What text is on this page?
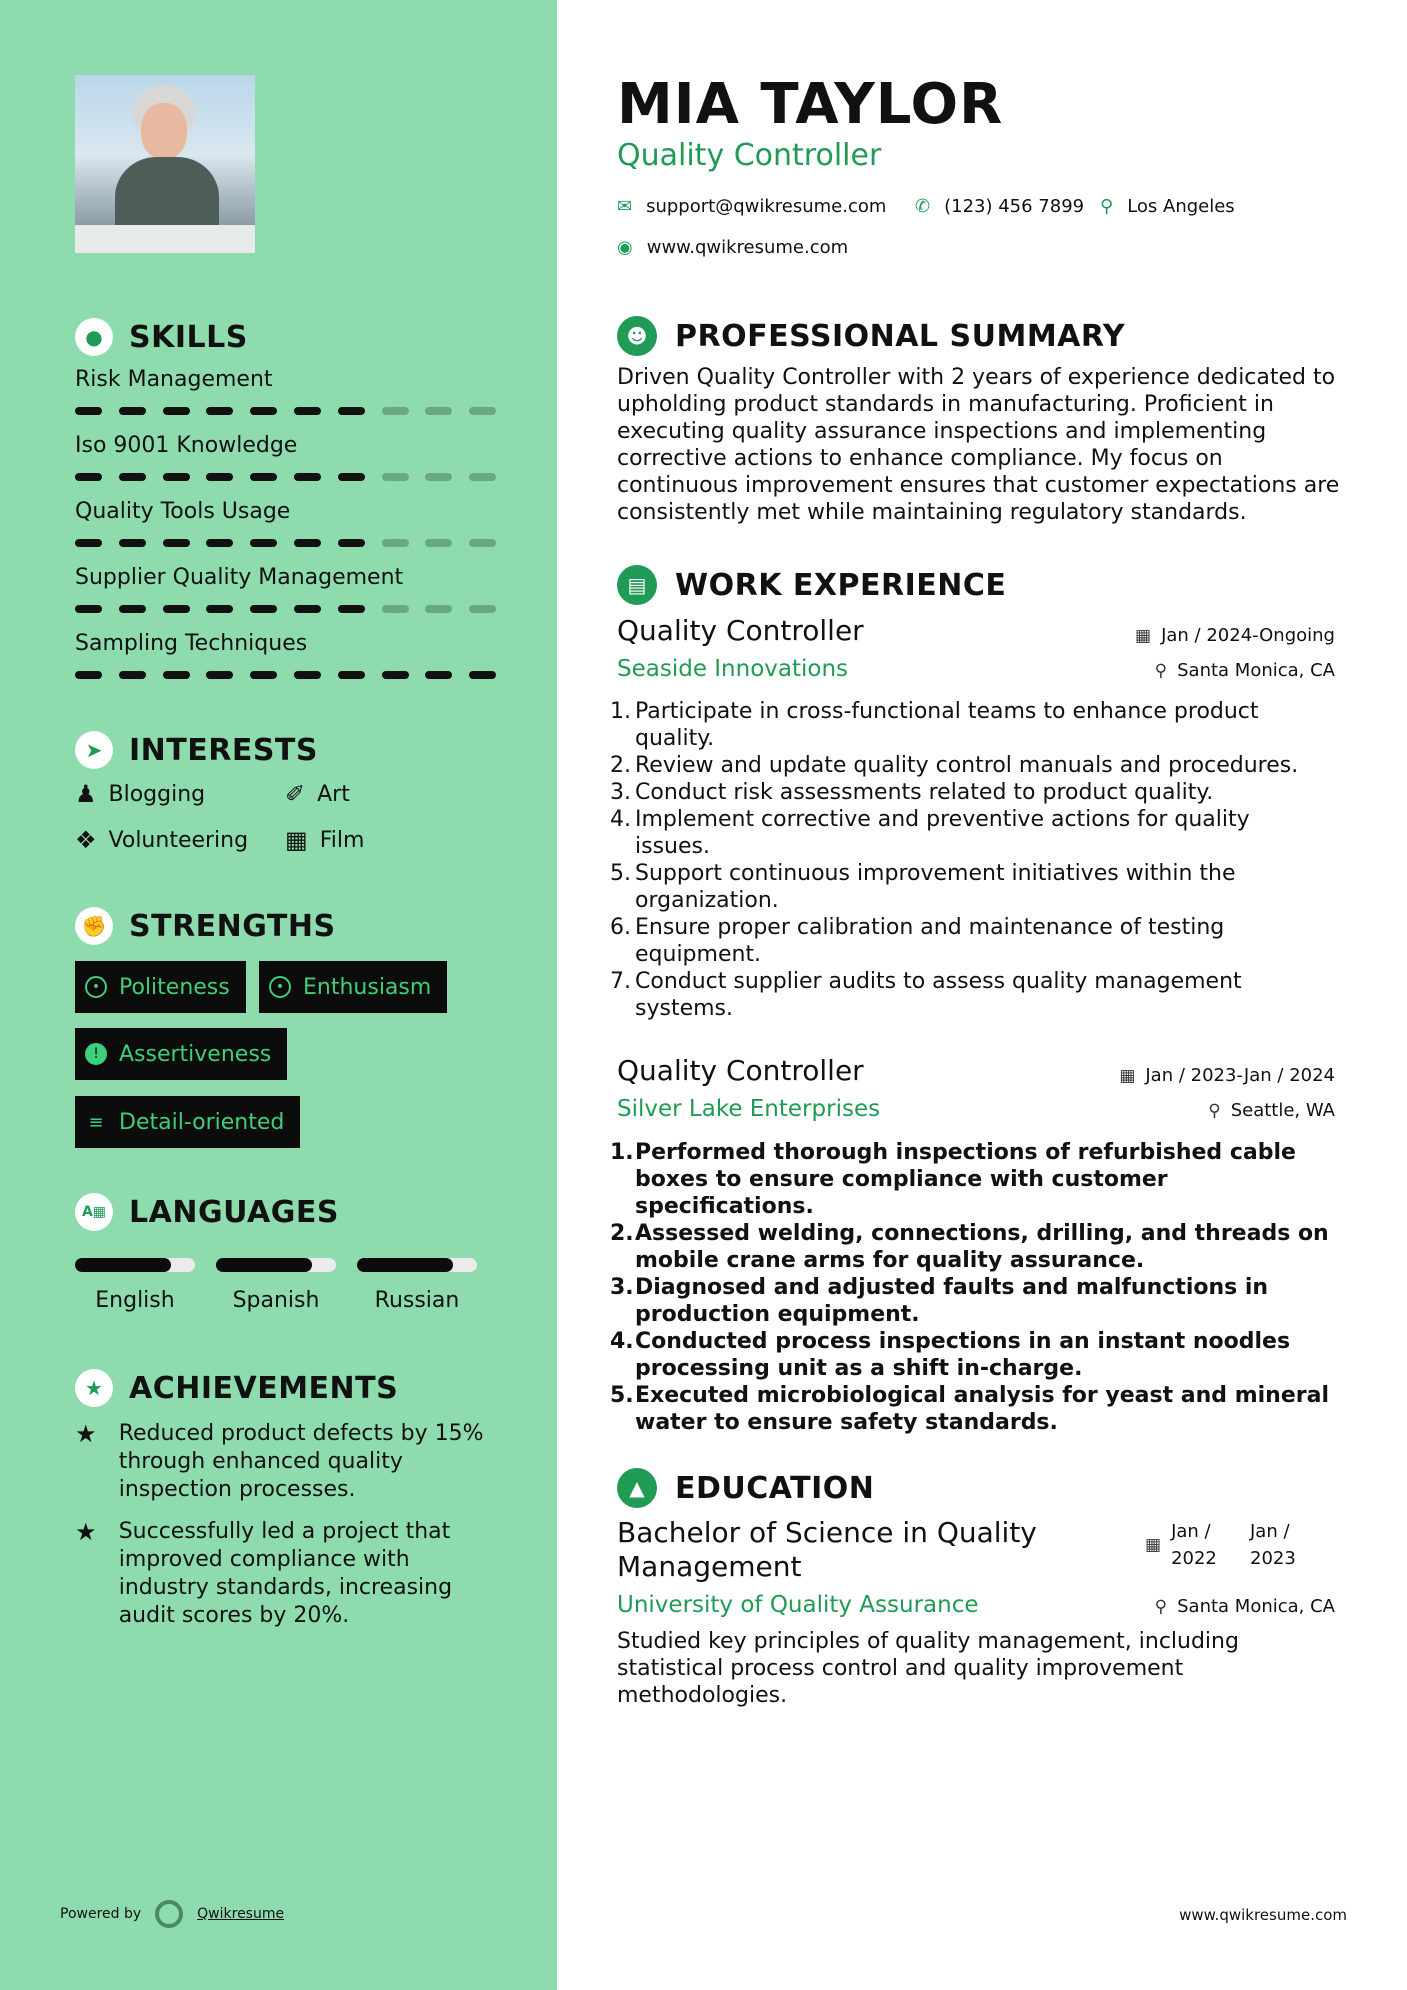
● SKILLS
Risk Management
Iso 9001 Knowledge
Quality Tools Usage
Supplier Quality Management
Sampling Techniques
➤ INTERESTS
♟ Blogging	✐ Art
❖ Volunteering ▦ Film
✊ STRENGTHS
• Politeness	• Enthusiasm
! Assertiveness
≡ Detail-oriented
A▦ LANGUAGES
English	Spanish	Russian
★ ACHIEVEMENTS
★	Reduced product defects by 15% through enhanced quality inspection processes.
★	Successfully led a project that improved compliance with industry standards, increasing audit scores by 20%.
Powered by	Qwikresume
MIA TAYLOR
Quality Controller
✉ support@qwikresume.com ✆ (123) 456 7899 ⚲ Los Angeles
◉ www.qwikresume.com
☻ PROFESSIONAL SUMMARY
Driven Quality Controller with 2 years of experience dedicated to upholding product standards in manufacturing. Proficient in executing quality assurance inspections and implementing corrective actions to enhance compliance. My focus on continuous improvement ensures that customer expectations are consistently met while maintaining regulatory standards.
▤ WORK EXPERIENCE
Quality Controller
Seaside Innovations
▦ Jan / 2024-Ongoing
⚲ Santa Monica, CA
1. Participate in cross-functional teams to enhance product quality.
2. Review and update quality control manuals and procedures.
3. Conduct risk assessments related to product quality.
4. Implement corrective and preventive actions for quality issues.
5. Support continuous improvement initiatives within the organization.
6. Ensure proper calibration and maintenance of testing equipment.
7. Conduct supplier audits to assess quality management systems.
Quality Controller
Silver Lake Enterprises
▦ Jan / 2023-Jan / 2024
⚲ Seattle, WA
1. Performed thorough inspections of refurbished cable boxes to ensure compliance with customer specifications.
2. Assessed welding, connections, drilling, and threads on mobile crane arms for quality assurance.
3. Diagnosed and adjusted faults and malfunctions in production equipment.
4. Conducted process inspections in an instant noodles processing unit as a shift in-charge.
5. Executed microbiological analysis for yeast and mineral water to ensure safety standards.
▲	EDUCATION
Bachelor of Science in Quality Management
University of Quality Assurance
▦
Jan / 2022
Jan / 2023
⚲ Santa Monica, CA
Studied key principles of quality management, including statistical process control and quality improvement methodologies.
www.qwikresume.com
